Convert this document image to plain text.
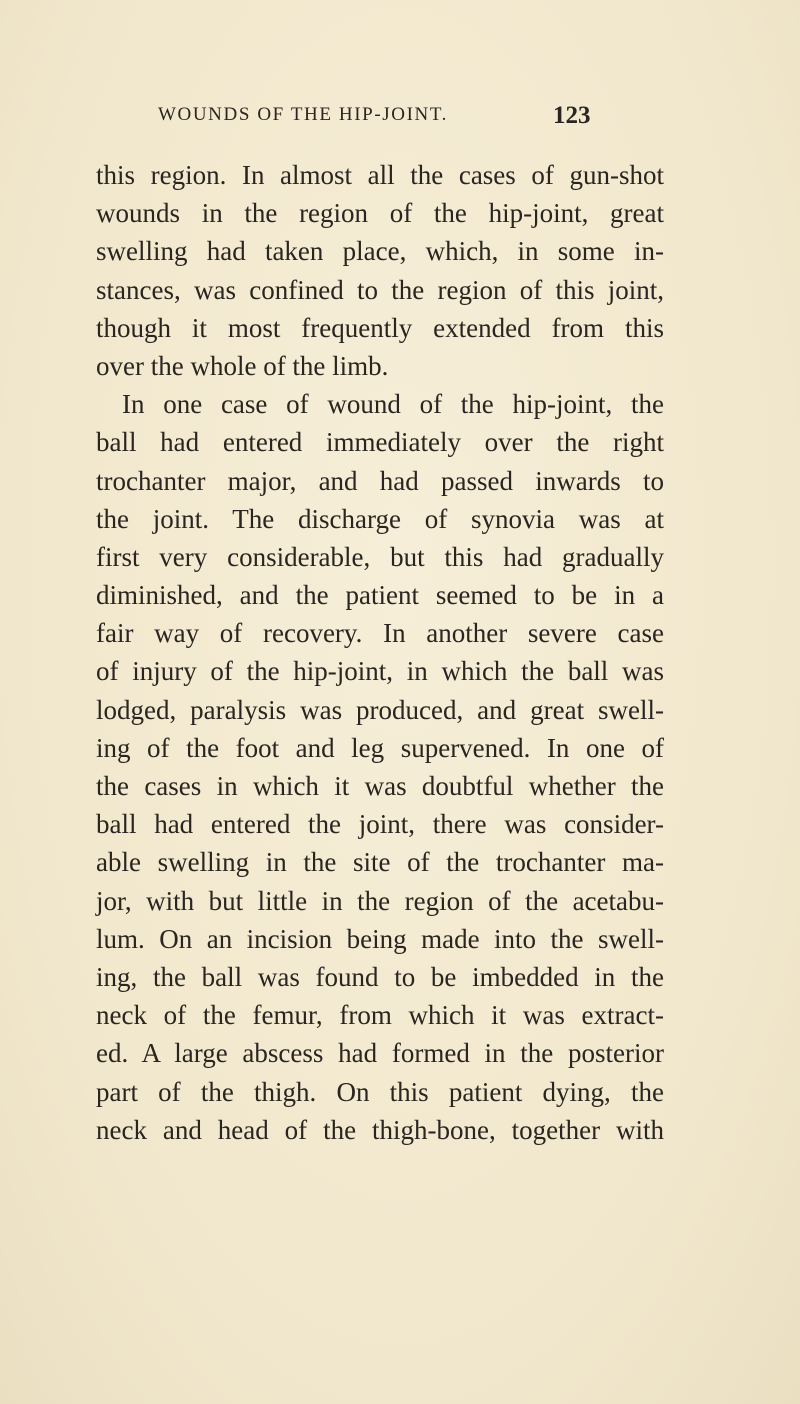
WOUNDS OF THE HIP-JOINT.	123
this region. In almost all the cases of gun-shot
wounds in the region of the hip-joint, great
swelling had taken place, which, in some in-
stances, was confined to the region of this joint,
though it most frequently extended from this
over the whole of the limb.
In one case of wound of the hip-joint, the
ball had entered immediately over the right
trochanter major, and had passed inwards to
the joint. The discharge of synovia was at
first very considerable, but this had gradually
diminished, and the patient seemed to be in a
fair way of recovery. In another severe case
of injury of the hip-joint, in which the ball was
lodged, paralysis was produced, and great swell-
ing of the foot and leg supervened. In one of
the cases in which it was doubtful whether the
ball had entered the joint, there was consider-
able swelling in the site of the trochanter ma-
jor, with but little in the region of the acetabu-
lum. On an incision being made into the swell-
ing, the ball was found to be imbedded in the
neck of the femur, from which it was extract-
ed. A large abscess had formed in the posterior
part of the thigh. On this patient dying, the
neck and head of the thigh-bone, together with
